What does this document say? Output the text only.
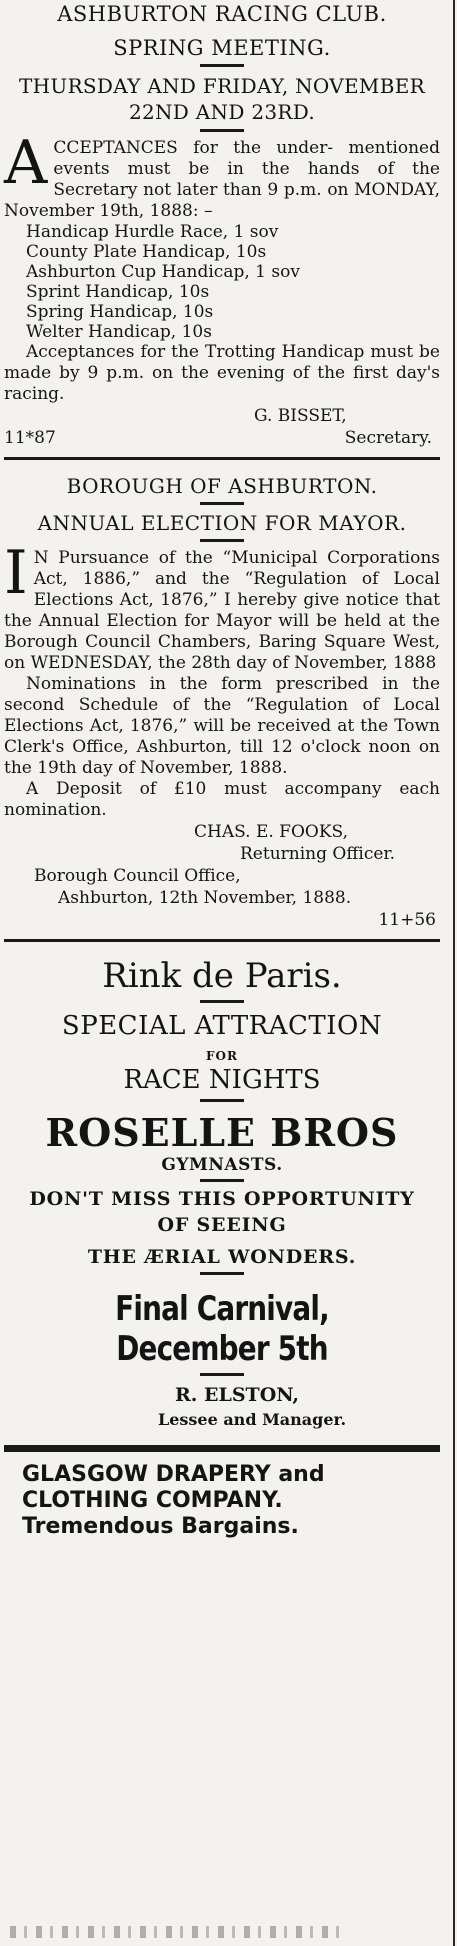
ASHBURTON RACING CLUB.

SPRING MEETING.

THURSDAY AND FRIDAY, NOVEMBER 22ND AND 23RD.

A CCEPTANCES for the under- mentioned events must be in the hands of the Secretary not later than 9 p.m. on MONDAY, November 19th, 1888: –

Handicap Hurdle Race, 1 sov

County Plate Handicap, 10s

Ashburton Cup Handicap, 1 sov

Sprint Handicap, 10s

Spring Handicap, 10s

Welter Handicap, 10s

Acceptances for the Trotting Handicap must be made by 9 p.m. on the evening of the first day's racing.

G. BISSET,

11*87	Secretary.

BOROUGH OF ASHBURTON.

ANNUAL ELECTION FOR MAYOR.

I N Pursuance of the “Municipal Corporations Act, 1886,” and the “Regulation of Local Elections Act, 1876,” I hereby give notice that the Annual Election for Mayor will be held at the Borough Council Chambers, Baring Square West, on WEDNESDAY, the 28th day of November, 1888

Nominations in the form prescribed in the second Schedule of the “Regulation of Local Elections Act, 1876,” will be received at the Town Clerk's Office, Ashburton, till 12 o'clock noon on the 19th day of November, 1888.

A Deposit of £10 must accompany each nomination.

CHAS. E. FOOKS,

Returning Officer.

Borough Council Office,

Ashburton, 12th November, 1888.

11+56

Rink de Paris.

SPECIAL ATTRACTION

FOR

RACE NIGHTS

ROSELLE BROS

GYMNASTS.

DON'T MISS THIS OPPORTUNITY

OF SEEING

THE ÆRIAL WONDERS.

Final Carnival, December 5th

R. ELSTON,

Lessee and Manager.

GLASGOW DRAPERY and CLOTHING COMPANY. Tremendous Bargains.
